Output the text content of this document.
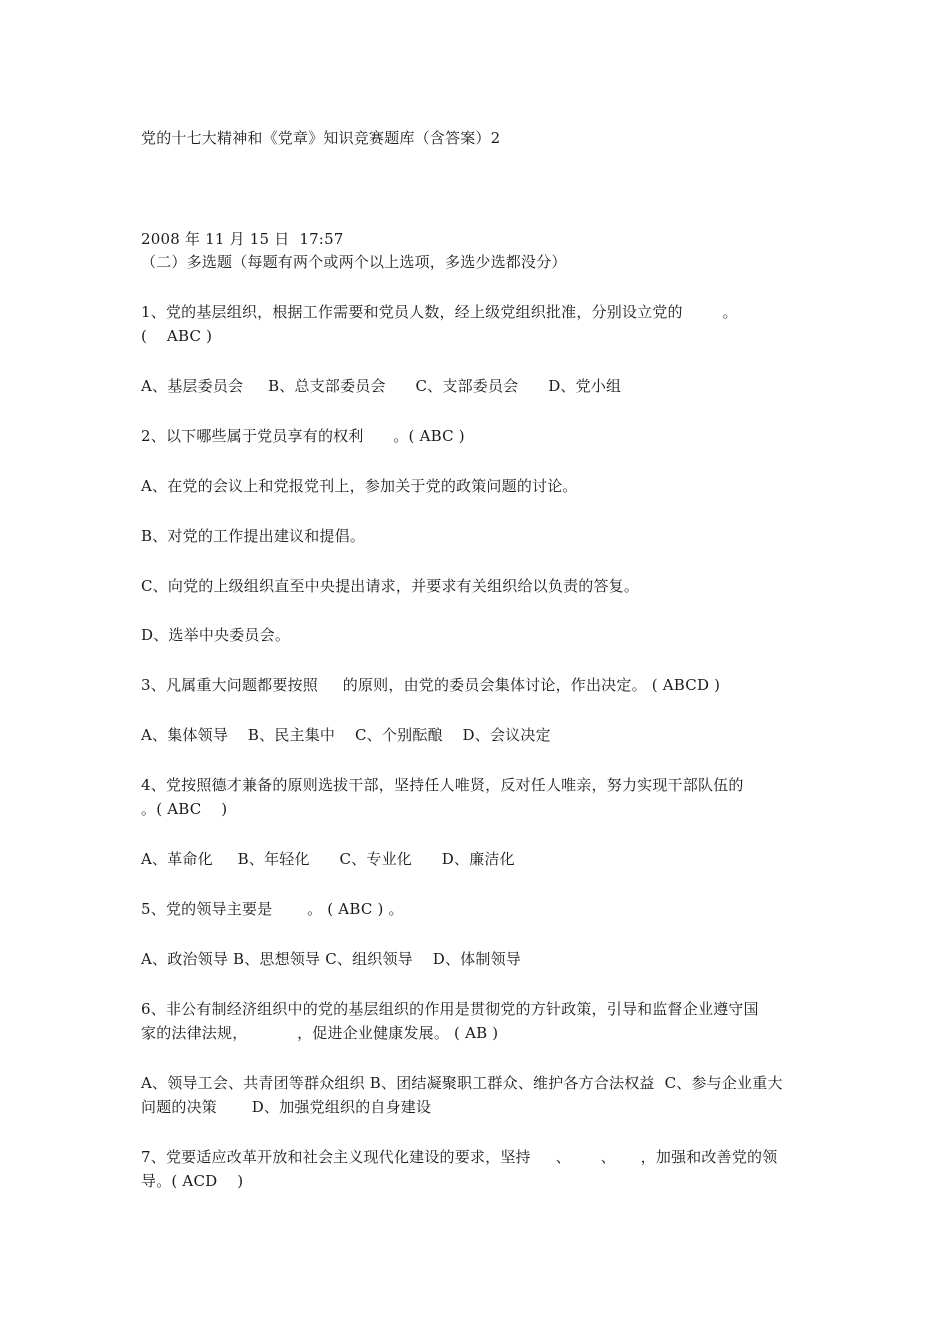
党的十七大精神和《党章》知识竞赛题库（含答案）2
2008 年 11 月 15 日  17:57
（二）多选题（每题有两个或两个以上选项，多选少选都没分）
1、党的基层组织，根据工作需要和党员人数，经上级党组织批准，分别设立党的        。
(    ABC )
A、基层委员会     B、总支部委员会      C、支部委员会      D、党小组
2、以下哪些属于党员享有的权利      。( ABC )
A、在党的会议上和党报党刊上，参加关于党的政策问题的讨论。
B、对党的工作提出建议和提倡。
C、向党的上级组织直至中央提出请求，并要求有关组织给以负责的答复。
D、选举中央委员会。
3、凡属重大问题都要按照     的原则，由党的委员会集体讨论，作出决定。 ( ABCD )
A、集体领导    B、民主集中    C、个别酝酿    D、会议决定
4、党按照德才兼备的原则选拔干部，坚持任人唯贤，反对任人唯亲，努力实现干部队伍的
。( ABC    )
A、革命化     B、年轻化      C、专业化      D、廉洁化
5、党的领导主要是       。 ( ABC ) 。
A、政治领导 B、思想领导 C、组织领导    D、体制领导
6、非公有制经济组织中的党的基层组织的作用是贯彻党的方针政策，引导和监督企业遵守国
家的法律法规，          ，促进企业健康发展。 ( AB )
A、领导工会、共青团等群众组织 B、团结凝聚职工群众、维护各方合法权益  C、参与企业重大
问题的决策       D、加强党组织的自身建设
7、党要适应改革开放和社会主义现代化建设的要求，坚持     、      、     ，加强和改善党的领
导。( ACD    )
